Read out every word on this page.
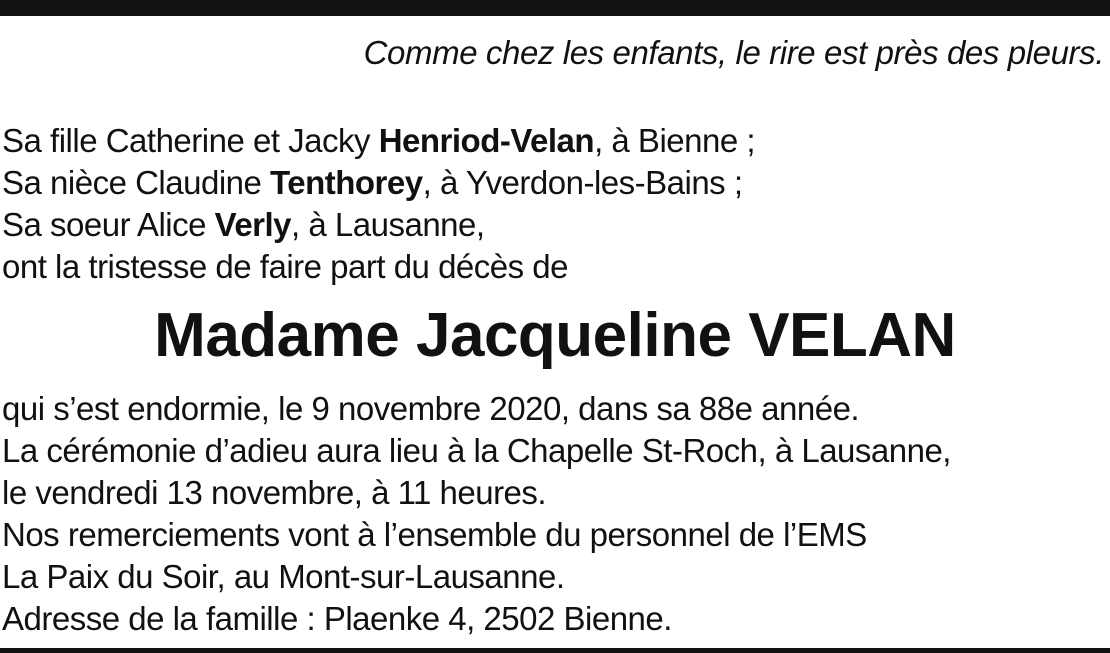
Comme chez les enfants, le rire est près des pleurs.
Sa fille Catherine et Jacky Henriod-Velan, à Bienne ;
Sa nièce Claudine Tenthorey, à Yverdon-les-Bains ;
Sa soeur Alice Verly, à Lausanne,
ont la tristesse de faire part du décès de
Madame Jacqueline VELAN
qui s’est endormie, le 9 novembre 2020, dans sa 88e année.
La cérémonie d’adieu aura lieu à la Chapelle St-Roch, à Lausanne,
le vendredi 13 novembre, à 11 heures.
Nos remerciements vont à l’ensemble du personnel de l’EMS
La Paix du Soir, au Mont-sur-Lausanne.
Adresse de la famille : Plaenke 4, 2502 Bienne.
